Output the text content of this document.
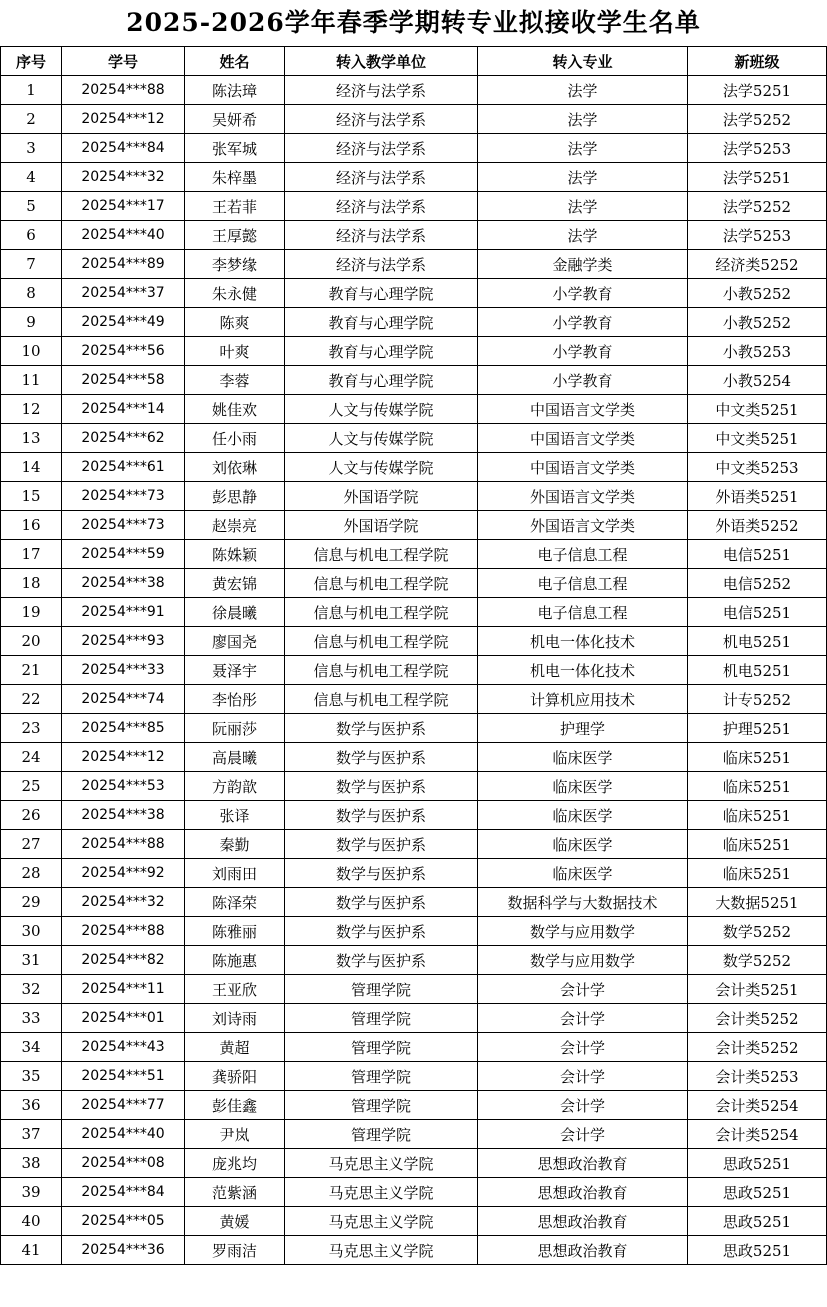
2025-2026学年春季学期转专业拟接收学生名单
序号	学号	姓名	转入教学单位	转入专业	新班级
1	20254***88	陈法璋	经济与法学系	法学	法学5251
2	20254***12	吴妍希	经济与法学系	法学	法学5252
3	20254***84	张军城	经济与法学系	法学	法学5253
4	20254***32	朱梓墨	经济与法学系	法学	法学5251
5	20254***17	王若菲	经济与法学系	法学	法学5252
6	20254***40	王厚懿	经济与法学系	法学	法学5253
7	20254***89	李梦缘	经济与法学系	金融学类	经济类5252
8	20254***37	朱永健	教育与心理学院	小学教育	小教5252
9	20254***49	陈爽	教育与心理学院	小学教育	小教5252
10	20254***56	叶爽	教育与心理学院	小学教育	小教5253
11	20254***58	李蓉	教育与心理学院	小学教育	小教5254
12	20254***14	姚佳欢	人文与传媒学院	中国语言文学类	中文类5251
13	20254***62	任小雨	人文与传媒学院	中国语言文学类	中文类5251
14	20254***61	刘依琳	人文与传媒学院	中国语言文学类	中文类5253
15	20254***73	彭思静	外国语学院	外国语言文学类	外语类5251
16	20254***73	赵崇亮	外国语学院	外国语言文学类	外语类5252
17	20254***59	陈姝颖	信息与机电工程学院	电子信息工程	电信5251
18	20254***38	黄宏锦	信息与机电工程学院	电子信息工程	电信5252
19	20254***91	徐晨曦	信息与机电工程学院	电子信息工程	电信5251
20	20254***93	廖国尧	信息与机电工程学院	机电一体化技术	机电5251
21	20254***33	聂泽宇	信息与机电工程学院	机电一体化技术	机电5251
22	20254***74	李怡彤	信息与机电工程学院	计算机应用技术	计专5252
23	20254***85	阮丽莎	数学与医护系	护理学	护理5251
24	20254***12	高晨曦	数学与医护系	临床医学	临床5251
25	20254***53	方韵歆	数学与医护系	临床医学	临床5251
26	20254***38	张译	数学与医护系	临床医学	临床5251
27	20254***88	秦勤	数学与医护系	临床医学	临床5251
28	20254***92	刘雨田	数学与医护系	临床医学	临床5251
29	20254***32	陈泽荣	数学与医护系	数据科学与大数据技术	大数据5251
30	20254***88	陈雅丽	数学与医护系	数学与应用数学	数学5252
31	20254***82	陈施惠	数学与医护系	数学与应用数学	数学5252
32	20254***11	王亚欣	管理学院	会计学	会计类5251
33	20254***01	刘诗雨	管理学院	会计学	会计类5252
34	20254***43	黄超	管理学院	会计学	会计类5252
35	20254***51	龚骄阳	管理学院	会计学	会计类5253
36	20254***77	彭佳鑫	管理学院	会计学	会计类5254
37	20254***40	尹岚	管理学院	会计学	会计类5254
38	20254***08	庞兆均	马克思主义学院	思想政治教育	思政5251
39	20254***84	范紫涵	马克思主义学院	思想政治教育	思政5251
40	20254***05	黄媛	马克思主义学院	思想政治教育	思政5251
41	20254***36	罗雨洁	马克思主义学院	思想政治教育	思政5251
